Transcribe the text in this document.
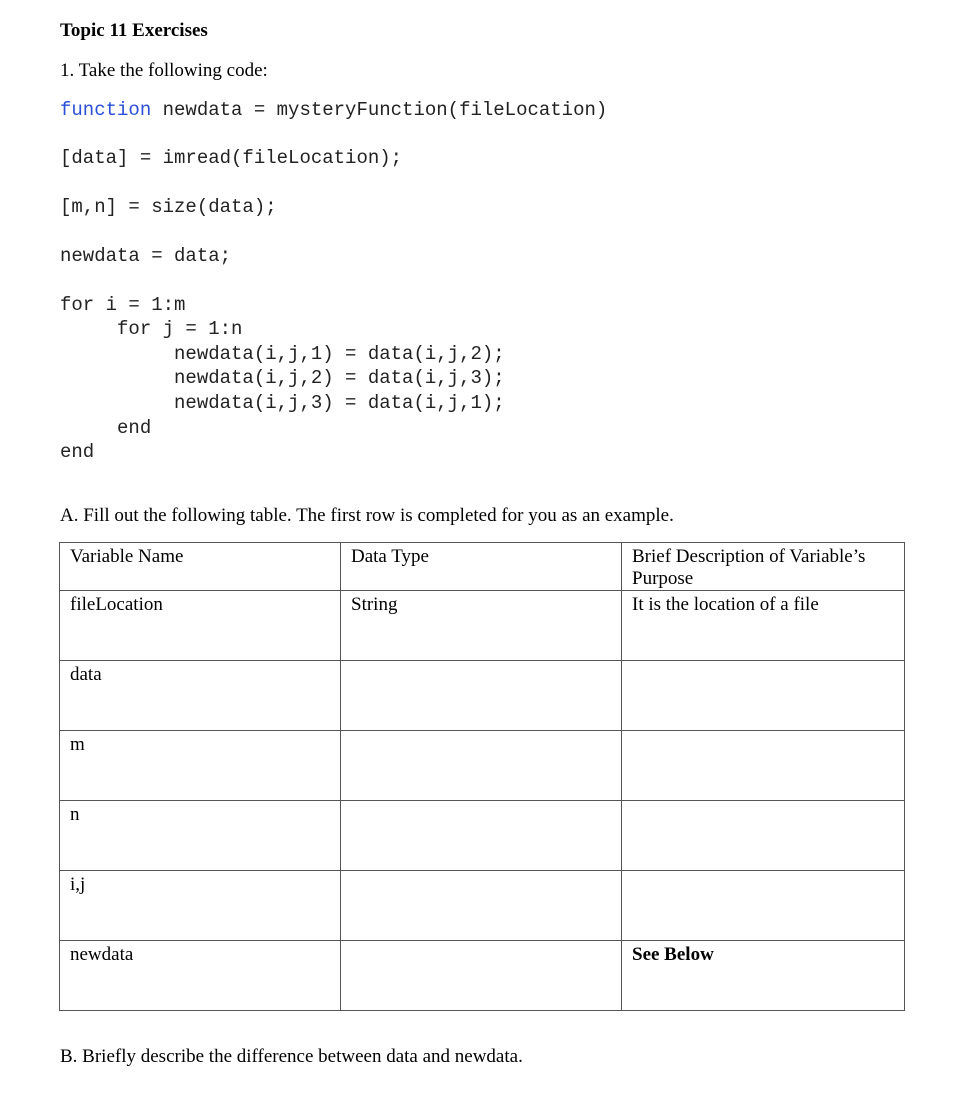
Topic 11 Exercises
1. Take the following code:
function newdata = mysteryFunction(fileLocation)
[data] = imread(fileLocation);
[m,n] = size(data);
newdata = data;
for i = 1:m
for j = 1:n
newdata(i,j,1) = data(i,j,2);
newdata(i,j,2) = data(i,j,3);
newdata(i,j,3) = data(i,j,1);
end
end
A. Fill out the following table. The first row is completed for you as an example.
Variable Name	Data Type	Brief Description of Variable’s Purpose
fileLocation	String	It is the location of a file
data		
m		
n		
i,j		
newdata		See Below
B. Briefly describe the difference between data and newdata.
